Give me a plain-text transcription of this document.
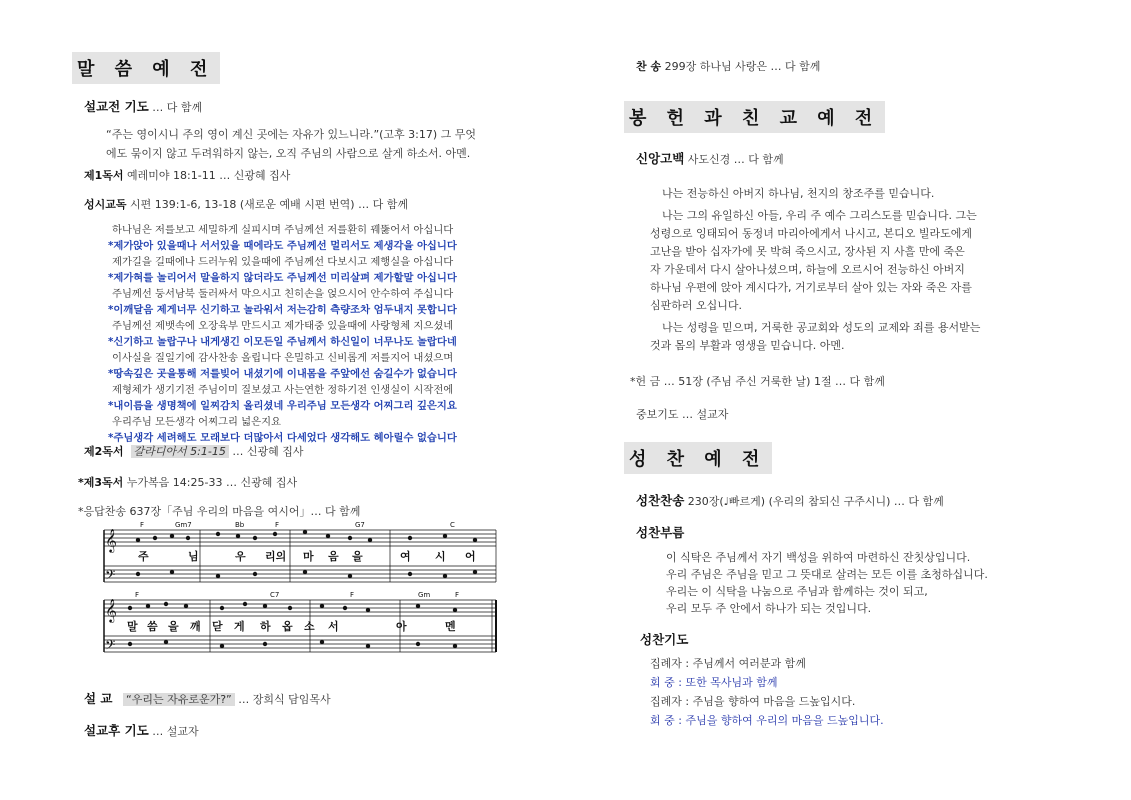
말 씀 예 전
설교전 기도 … 다 함께
“주는 영이시니 주의 영이 계신 곳에는 자유가 있느니라.”(고후 3:17) 그 무엇
에도 묶이지 않고 두려워하지 않는, 오직 주님의 사람으로 살게 하소서. 아멘.
제1독서 예레미야 18:1-11 … 신광혜 집사
성시교독 시편 139:1-6, 13-18 (새로운 예배 시편 번역) … 다 함께
하나님은 저를보고 세밀하게 실피시며 주님께선 저를환히 꿰뚫어서 아십니다
*제가앉아 있을때나 서서있을 때에라도 주님께선 멀리서도 제생각을 아십니다
제가길을 길때에나 드러누워 있을때에 주님께선 다보시고 제행실을 아십니다
*제가혀를 놀리어서 말을하지 않더라도 주님께선 미리살펴 제가할말 아십니다
주님께선 둥서남북 둘러싸서 막으시고 친히손을 얹으시어 안수하여 주십니다
*이깨달음 제게너무 신기하고 놀라워서 저는감히 측량조차 엄두내지 못합니다
주님께선 제뱃속에 오장육부 만드시고 제가태중 있을때에 사랑형체 지으셨네
*신기하고 놀랍구나 내게생긴 이모든일 주님께서 하신일이 너무나도 놀랍다네
이사실을 질일기에 감사찬송 올립니다 은밀하고 신비롭게 저를지어 내셨으며
*땅속깊은 곳을통해 저를빚어 내셨기에 이내몸을 주앞에선 숨길수가 없습니다
제형체가 생기기전 주님이미 질보셨고 사는연한 정하기전 인생실이 시작전에
*내이름을 생명책에 일찌감치 올리셨네 우리주님 모든생각 어찌그리 깊은지요
우리주님 모든생각 어찌그리 넓은지요
*주님생각 세려해도 모래보다 더많아서 다세었다 생각해도 헤아릴수 없습니다
제2독서 갈라디아서 5:1-15 … 신광혜 집사
*제3독서 누가복음 14:25-33 … 신광혜 집사
*응답찬송 637장「주님 우리의 마음을 여시어」… 다 함께
𝄞
𝄢
𝄞
𝄢
F	Gm7	Bb	F	G7	C
F	C7	F	Gm	F
주	님	우 리의 마 음 을	여 시 어
말 씀 을 깨 닫 게 하 옵 소 서	아	멘
설 교 “우리는 자유로운가?” … 장희식 담임목사
설교후 기도 … 설교자
찬 송 299장 하나님 사랑은 … 다 함께
봉 헌 과 친 교 예 전
신앙고백 사도신경 … 다 함께
나는 전능하신 아버지 하나님, 천지의 창조주를 믿습니다.
나는 그의 유일하신 아들, 우리 주 예수 그리스도를 믿습니다. 그는
성령으로 잉태되어 동정녀 마리아에게서 나시고, 본디오 빌라도에게
고난을 받아 십자가에 못 박혀 죽으시고, 장사된 지 사흘 만에 죽은
자 가운데서 다시 살아나셨으며, 하늘에 오르시어 전능하신 아버지
하나님 우편에 앉아 계시다가, 거기로부터 살아 있는 자와 죽은 자를
심판하러 오십니다.
나는 성령을 믿으며, 거룩한 공교회와 성도의 교제와 죄를 용서받는
것과 몸의 부활과 영생을 믿습니다. 아멘.
*헌 금 … 51장 (주님 주신 거룩한 날) 1절 … 다 함께
중보기도 … 설교자
성 찬 예 전
성찬찬송 230장(♩빠르게) (우리의 참되신 구주시니) … 다 함께
성찬부름
이 식탁은 주님께서 자기 백성을 위하여 마련하신 잔칫상입니다.
우리 주님은 주님을 믿고 그 뜻대로 살려는 모든 이를 초청하십니다.
우리는 이 식탁을 나눔으로 주님과 함께하는 것이 되고,
우리 모두 주 안에서 하나가 되는 것입니다.
성찬기도
집례자 : 주님께서 여러분과 함께
회 중 : 또한 목사님과 함께
집례자 : 주님을 향하여 마음을 드높입시다.
회 중 : 주님을 향하여 우리의 마음을 드높입니다.
